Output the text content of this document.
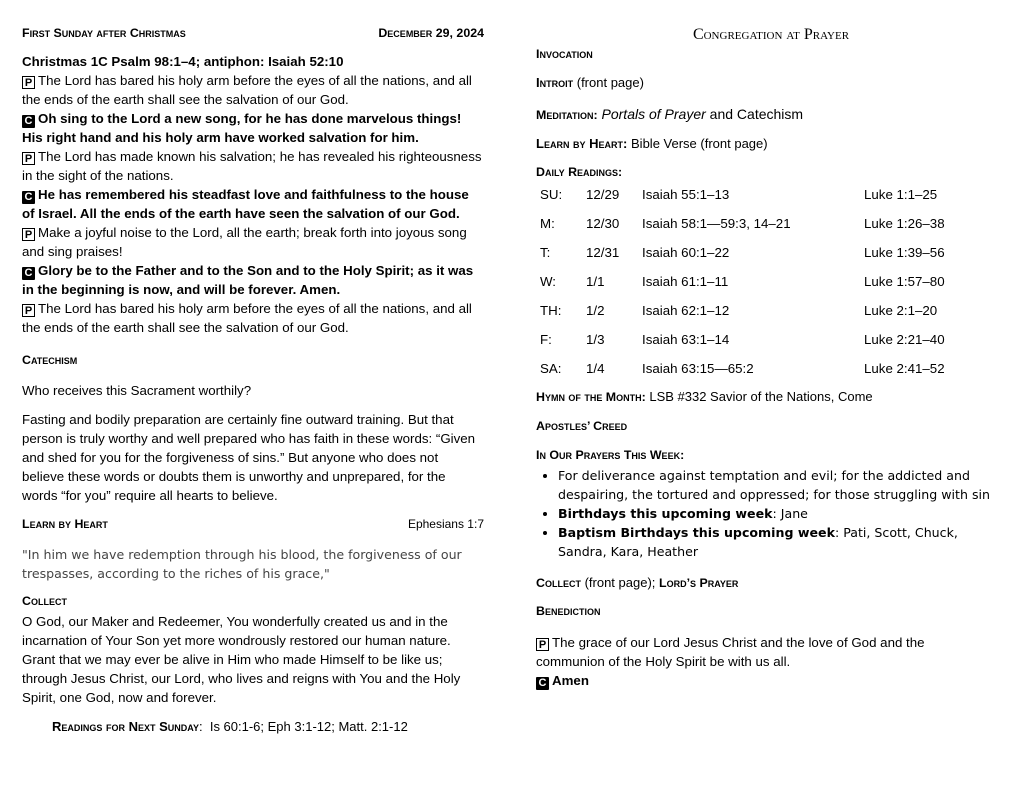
First Sunday after Christmas	December 29, 2024
Christmas 1C Psalm 98:1–4; antiphon: Isaiah 52:10
P The Lord has bared his holy arm before the eyes of all the nations, and all the ends of the earth shall see the salvation of our God.
C Oh sing to the Lord a new song, for he has done marvelous things! His right hand and his holy arm have worked salvation for him.
P The Lord has made known his salvation; he has revealed his righteousness in the sight of the nations.
C He has remembered his steadfast love and faithfulness to the house of Israel. All the ends of the earth have seen the salvation of our God.
P Make a joyful noise to the Lord, all the earth; break forth into joyous song and sing praises!
C Glory be to the Father and to the Son and to the Holy Spirit; as it was in the beginning is now, and will be forever. Amen.
P The Lord has bared his holy arm before the eyes of all the nations, and all the ends of the earth shall see the salvation of our God.
Catechism
Who receives this Sacrament worthily?
Fasting and bodily preparation are certainly fine outward training. But that person is truly worthy and well prepared who has faith in these words: “Given and shed for you for the forgiveness of sins.” But anyone who does not believe these words or doubts them is unworthy and unprepared, for the words “for you” require all hearts to believe.
Learn by Heart	Ephesians 1:7
"In him we have redemption through his blood, the forgiveness of our trespasses, according to the riches of his grace,"
Collect
O God, our Maker and Redeemer, You wonderfully created us and in the incarnation of Your Son yet more wondrously restored our human nature. Grant that we may ever be alive in Him who made Himself to be like us; through Jesus Christ, our Lord, who lives and reigns with You and the Holy Spirit, one God, now and forever.
Readings for Next Sunday: Is 60:1-6; Eph 3:1-12; Matt. 2:1-12
Congregation at Prayer
Invocation
Introit (front page)
Meditation: Portals of Prayer and Catechism
Learn by Heart: Bible Verse (front page)
Daily Readings:
SU:	12/29	Isaiah 55:1–13	Luke 1:1–25
M:	12/30	Isaiah 58:1—59:3, 14–21	Luke 1:26–38
T:	12/31	Isaiah 60:1–22	Luke 1:39–56
W:	1/1	Isaiah 61:1–11	Luke 1:57–80
TH:	1/2	Isaiah 62:1–12	Luke 2:1–20
F:	1/3	Isaiah 63:1–14	Luke 2:21–40
SA:	1/4	Isaiah 63:15—65:2	Luke 2:41–52
Hymn of the Month: LSB #332 Savior of the Nations, Come
Apostles’ Creed
In Our Prayers This Week:
• For deliverance against temptation and evil; for the addicted and despairing, the tortured and oppressed; for those struggling with sin
• Birthdays this upcoming week: Jane
• Baptism Birthdays this upcoming week: Pati, Scott, Chuck, Sandra, Kara, Heather
Collect (front page); Lord’s Prayer
Benediction
P The grace of our Lord Jesus Christ and the love of God and the communion of the Holy Spirit be with us all.
C Amen
